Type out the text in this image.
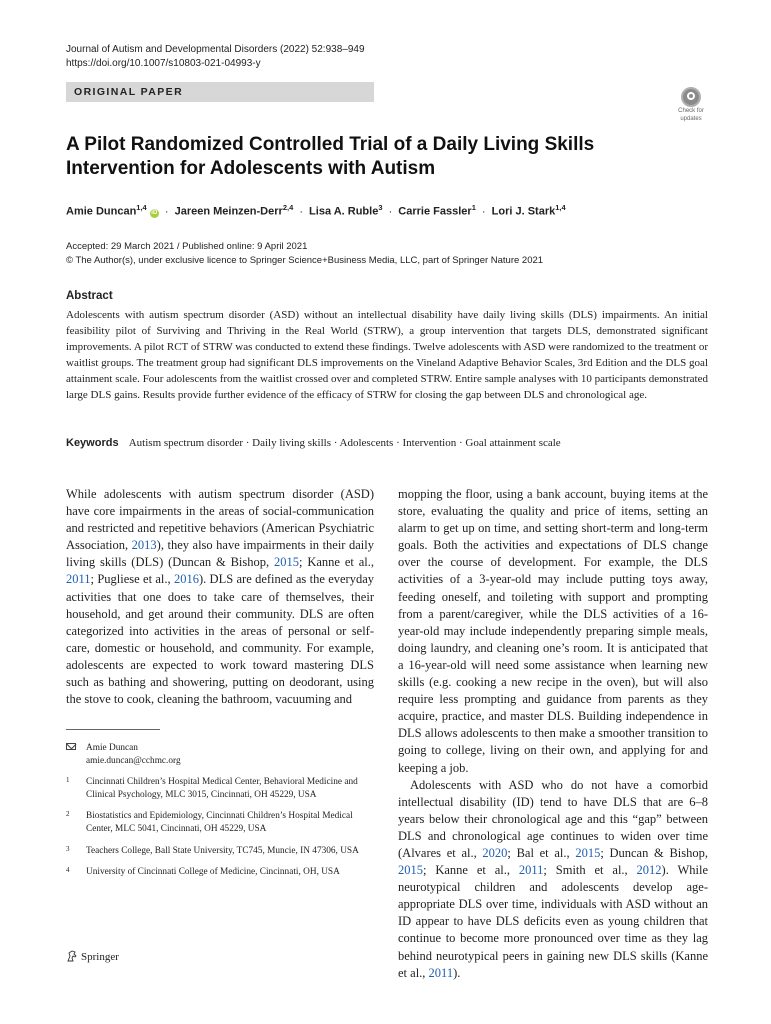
Journal of Autism and Developmental Disorders (2022) 52:938–949
https://doi.org/10.1007/s10803-021-04993-y
ORIGINAL PAPER
Check for
updates
A Pilot Randomized Controlled Trial of a Daily Living Skills Intervention for Adolescents with Autism
Amie Duncan$^{1,4}$ iD · Jareen Meinzen-Derr$^{2,4}$ · Lisa A. Ruble$^3$ · Carrie Fassler$^1$ · Lori J. Stark$^{1,4}$
Accepted: 29 March 2021 / Published online: 9 April 2021
© The Author(s), under exclusive licence to Springer Science+Business Media, LLC, part of Springer Nature 2021
Abstract
Adolescents with autism spectrum disorder (ASD) without an intellectual disability have daily living skills (DLS) impairments. An initial feasibility pilot of Surviving and Thriving in the Real World (STRW), a group intervention that targets DLS, demonstrated significant improvements. A pilot RCT of STRW was conducted to extend these findings. Twelve adolescents with ASD were randomized to the treatment or waitlist groups. The treatment group had significant DLS improvements on the Vineland Adaptive Behavior Scales, 3rd Edition and the DLS goal attainment scale. Four adolescents from the waitlist crossed over and completed STRW. Entire sample analyses with 10 participants demonstrated large DLS gains. Results provide further evidence of the efficacy of STRW for closing the gap between DLS and chronological age.
Keywords Autism spectrum disorder · Daily living skills · Adolescents · Intervention · Goal attainment scale

While adolescents with autism spectrum disorder (ASD) have core impairments in the areas of social-communication and restricted and repetitive behaviors (American Psychiatric Association, 2013), they also have impairments in their daily living skills (DLS) (Duncan & Bishop, 2015; Kanne et al., 2011; Pugliese et al., 2016). DLS are defined as the everyday activities that one does to take care of themselves, their household, and get around their community. DLS are often categorized into activities in the areas of personal or self-care, domestic or household, and community. For example, adolescents are expected to work toward mastering DLS such as bathing and showering, putting on deodorant, using the stove to cook, cleaning the bathroom, vacuuming and

mopping the floor, using a bank account, buying items at the store, evaluating the quality and price of items, setting an alarm to get up on time, and setting short-term and long-term goals. Both the activities and expectations of DLS change over the course of development. For example, the DLS activities of a 3-year-old may include putting toys away, feeding oneself, and toileting with support and prompting from a parent/caregiver, while the DLS activities of a 16-year-old may include independently preparing simple meals, doing laundry, and cleaning one’s room. It is anticipated that a 16-year-old will need some assistance when learning new skills (e.g. cooking a new recipe in the oven), but will also require less prompting and guidance from parents as they acquire, practice, and master DLS. Building independence in DLS allows adolescents to then make a smoother transition to going to college, living on their own, and applying for and keeping a job.

Adolescents with ASD who do not have a comorbid intellectual disability (ID) tend to have DLS that are 6–8 years below their chronological age and this “gap” between DLS and chronological age continues to widen over time (Alvares et al., 2020; Bal et al., 2015; Duncan & Bishop, 2015; Kanne et al., 2011; Smith et al., 2012). While neurotypical children and adolescents develop age-appropriate DLS over time, individuals with ASD without an ID appear to have DLS deficits even as young children that continue to become more pronounced over time as they lag behind neurotypical peers in gaining new DLS skills (Kanne et al., 2011).

Amie Duncan
amie.duncan@cchmc.org
1 Cincinnati Children’s Hospital Medical Center, Behavioral Medicine and Clinical Psychology, MLC 3015, Cincinnati, OH 45229, USA
2 Biostatistics and Epidemiology, Cincinnati Children’s Hospital Medical Center, MLC 5041, Cincinnati, OH 45229, USA
3 Teachers College, Ball State University, TC745, Muncie, IN 47306, USA
4 University of Cincinnati College of Medicine, Cincinnati, OH, USA
Springer
